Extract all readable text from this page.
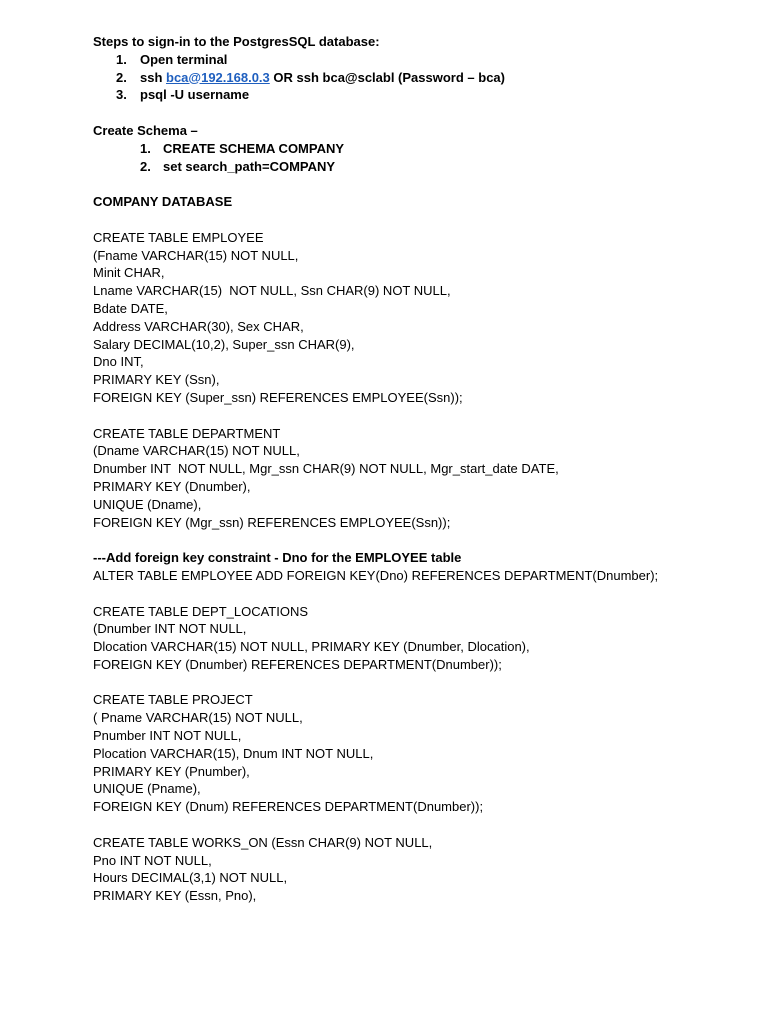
Steps to sign-in to the PostgresSQL database:
1. Open terminal
2. ssh bca@192.168.0.3 OR ssh bca@sclabl (Password – bca)
3. psql -U username
Create Schema –
1. CREATE SCHEMA COMPANY
2. set search_path=COMPANY
COMPANY DATABASE
CREATE TABLE EMPLOYEE
(Fname VARCHAR(15) NOT NULL,
Minit CHAR,
Lname VARCHAR(15)  NOT NULL, Ssn CHAR(9) NOT NULL,
Bdate DATE,
Address VARCHAR(30), Sex CHAR,
Salary DECIMAL(10,2), Super_ssn CHAR(9),
Dno INT,
PRIMARY KEY (Ssn),
FOREIGN KEY (Super_ssn) REFERENCES EMPLOYEE(Ssn));
CREATE TABLE DEPARTMENT
(Dname VARCHAR(15) NOT NULL,
Dnumber INT  NOT NULL, Mgr_ssn CHAR(9) NOT NULL, Mgr_start_date DATE,
PRIMARY KEY (Dnumber),
UNIQUE (Dname),
FOREIGN KEY (Mgr_ssn) REFERENCES EMPLOYEE(Ssn));
---Add foreign key constraint - Dno for the EMPLOYEE table
ALTER TABLE EMPLOYEE ADD FOREIGN KEY(Dno) REFERENCES DEPARTMENT(Dnumber);
CREATE TABLE DEPT_LOCATIONS
(Dnumber INT NOT NULL,
Dlocation VARCHAR(15) NOT NULL, PRIMARY KEY (Dnumber, Dlocation),
FOREIGN KEY (Dnumber) REFERENCES DEPARTMENT(Dnumber));
CREATE TABLE PROJECT
( Pname VARCHAR(15) NOT NULL,
Pnumber INT NOT NULL,
Plocation VARCHAR(15), Dnum INT NOT NULL,
PRIMARY KEY (Pnumber),
UNIQUE (Pname),
FOREIGN KEY (Dnum) REFERENCES DEPARTMENT(Dnumber));
CREATE TABLE WORKS_ON (Essn CHAR(9) NOT NULL,
Pno INT NOT NULL,
Hours DECIMAL(3,1) NOT NULL,
PRIMARY KEY (Essn, Pno),
